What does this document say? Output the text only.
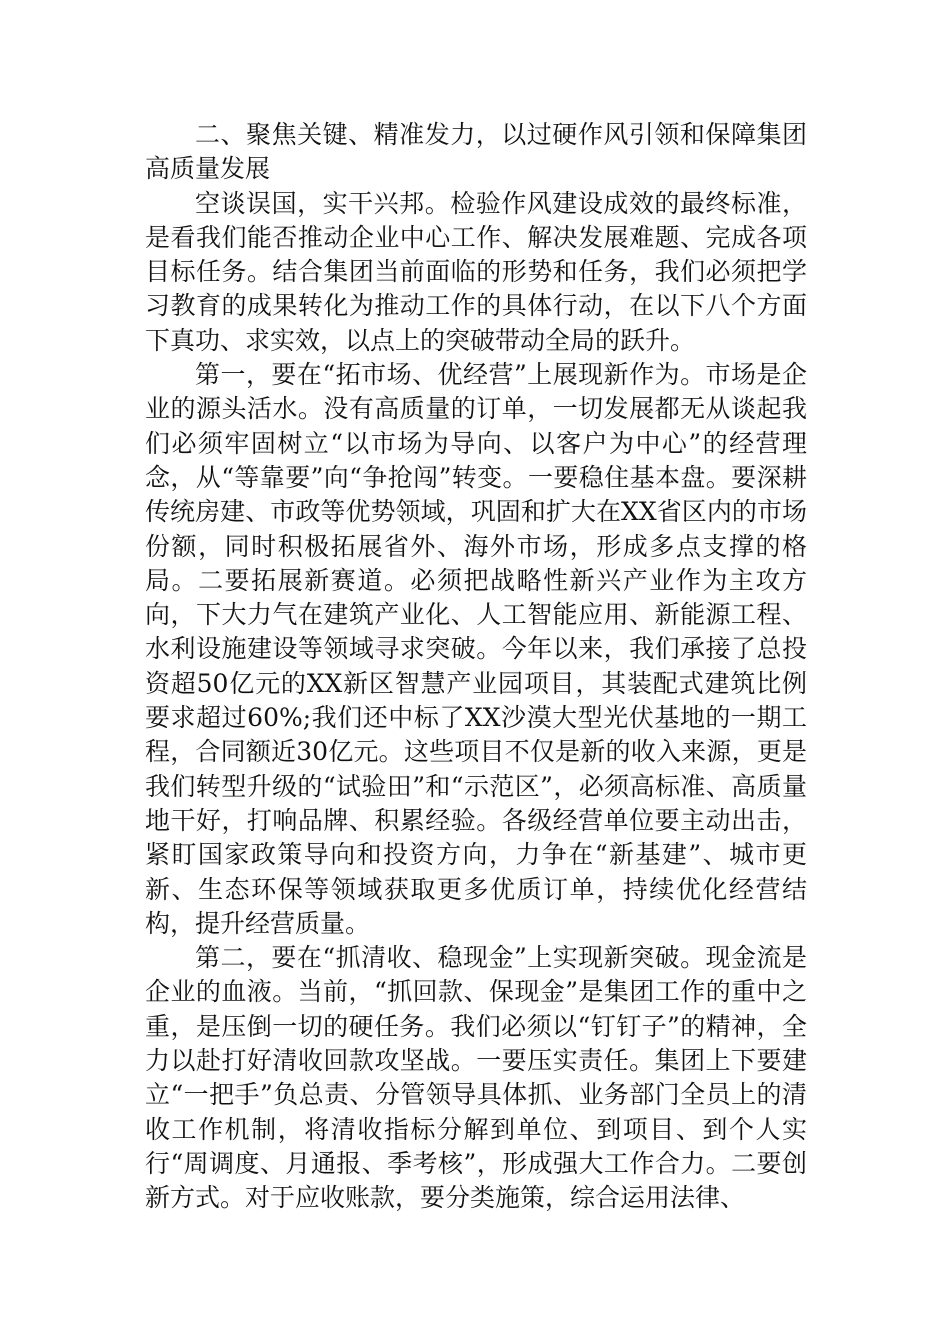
二、聚焦关键、精准发力，以过硬作风引领和保障集团高质量发展

空谈误国，实干兴邦。检验作风建设成效的最终标准，是看我们能否推动企业中心工作、解决发展难题、完成各项目标任务。结合集团当前面临的形势和任务，我们必须把学习教育的成果转化为推动工作的具体行动，在以下八个方面下真功、求实效，以点上的突破带动全局的跃升。

第一，要在“拓市场、优经营”上展现新作为。市场是企业的源头活水。没有高质量的订单，一切发展都无从谈起我们必须牢固树立“以市场为导向、以客户为中心”的经营理念，从“等靠要”向“争抢闯”转变。一要稳住基本盘。要深耕传统房建、市政等优势领域，巩固和扩大在XX省区内的市场份额，同时积极拓展省外、海外市场，形成多点支撑的格局。二要拓展新赛道。必须把战略性新兴产业作为主攻方向，下大力气在建筑产业化、人工智能应用、新能源工程、水利设施建设等领域寻求突破。今年以来，我们承接了总投资超50亿元的XX新区智慧产业园项目，其装配式建筑比例要求超过60%;我们还中标了XX沙漠大型光伏基地的一期工程，合同额近30亿元。这些项目不仅是新的收入来源，更是我们转型升级的“试验田”和“示范区”，必须高标准、高质量地干好，打响品牌、积累经验。各级经营单位要主动出击，紧盯国家政策导向和投资方向，力争在“新基建”、城市更新、生态环保等领域获取更多优质订单，持续优化经营结构，提升经营质量。

第二，要在“抓清收、稳现金”上实现新突破。现金流是企业的血液。当前，“抓回款、保现金”是集团工作的重中之重，是压倒一切的硬任务。我们必须以“钉钉子”的精神，全力以赴打好清收回款攻坚战。一要压实责任。集团上下要建立“一把手”负总责、分管领导具体抓、业务部门全员上的清收工作机制，将清收指标分解到单位、到项目、到个人实行“周调度、月通报、季考核”，形成强大工作合力。二要创新方式。对于应收账款，要分类施策，综合运用法律、
